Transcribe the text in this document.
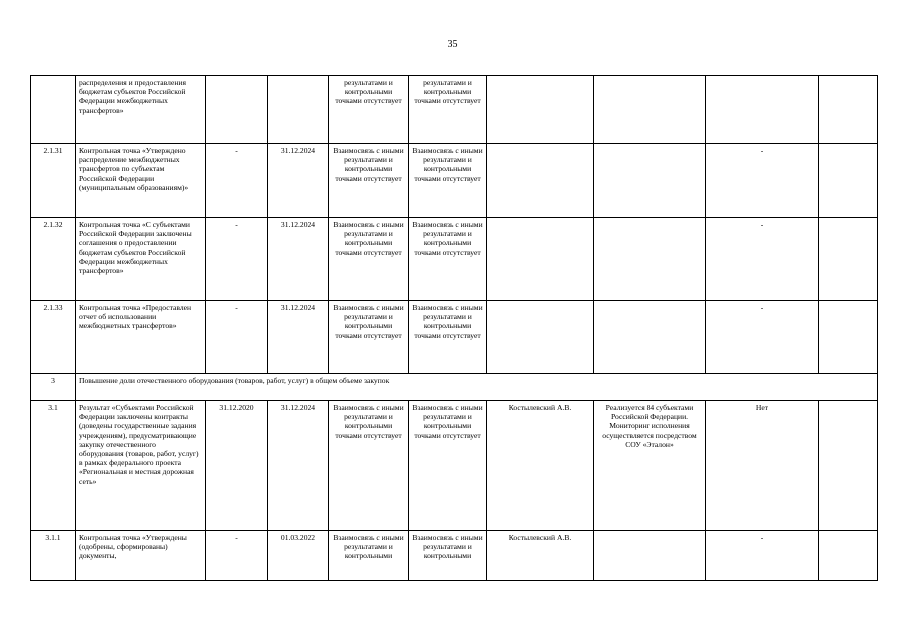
35
	распределения и предоставления бюджетам субъектов Российской Федерации межбюджетных трансфертов»			результатами и контрольными точками отсутствует	результатами и контрольными точками отсутствует				
2.1.31	Контрольная точка «Утверждено распределение межбюджетных трансфертов по субъектам Российской Федерации (муниципальным образованиям)»	-	31.12.2024	Взаимосвязь с иными результатами и контрольными точками отсутствует	Взаимосвязь с иными результатами и контрольными точками отсутствует			-	
2.1.32	Контрольная точка «С субъектами Российской Федерации заключены соглашения о предоставлении бюджетам субъектов Российской Федерации межбюджетных трансфертов»	-	31.12.2024	Взаимосвязь с иными результатами и контрольными точками отсутствует	Взаимосвязь с иными результатами и контрольными точками отсутствует			-	
2.1.33	Контрольная точка «Предоставлен отчет об использовании межбюджетных трансфертов»	-	31.12.2024	Взаимосвязь с иными результатами и контрольными точками отсутствует	Взаимосвязь с иными результатами и контрольными точками отсутствует			-	
3	Повышение доли отечественного оборудования (товаров, работ, услуг) в общем объеме закупок								
3.1	Результат «Субъектами Российской Федерации заключены контракты (доведены государственные задания учреждениям), предусматривающие закупку отечественного оборудования (товаров, работ, услуг) в рамках федерального проекта «Региональная и местная дорожная сеть»	31.12.2020	31.12.2024	Взаимосвязь с иными результатами и контрольными точками отсутствует	Взаимосвязь с иными результатами и контрольными точками отсутствует	Костылевский А.В.	Реализуется 84 субъектами Российской Федерации. Мониторинг исполнения осуществляется посредством СОУ «Эталон»	Нет	
3.1.1	Контрольная точка «Утверждены (одобрены, сформированы) документы,	-	01.03.2022	Взаимосвязь с иными результатами и контрольными	Взаимосвязь с иными результатами и контрольными	Костылевский А.В.		-	
